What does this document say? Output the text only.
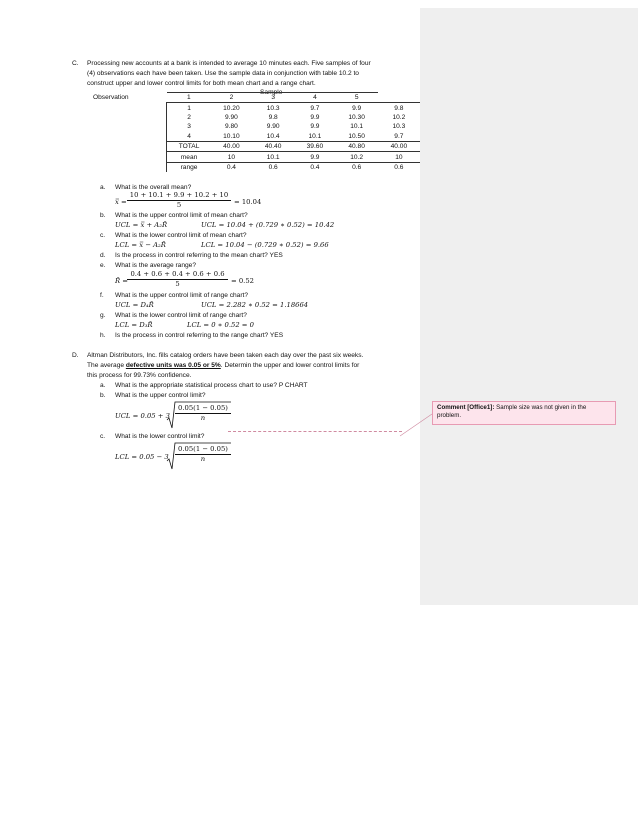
C. Processing new accounts at a bank is intended to average 10 minutes each. Five samples of four
(4) observations each have been taken. Use the sample data in conjunction with table 10.2 to
construct upper and lower control limits for both mean chart and a range chart.
Sample
Observation	1	2	3	4	5	
	1	10.20	10.3	9.7	9.9	9.8
	2	9.90	9.8	9.9	10.30	10.2
	3	9.80	9.90	9.9	10.1	10.3
	4	10.10	10.4	10.1	10.50	9.7
	TOTAL	40.00	40.40	39.60	40.80	40.00
	mean	10	10.1	9.9	10.2	10
	range	0.4	0.6	0.4	0.6	0.6
a. What is the overall mean?
x̿ = $\frac{10 + 10.1 + 9.9 + 10.2 + 10}{5} = 10.04$
b. What is the upper control limit of mean chart?
UCL = x̿ + A₂R̄	UCL = 10.04 + (0.729 ∗ 0.52) = 10.42
c. What is the lower control limit of mean chart?
LCL = x̿ − A₂R̄	LCL = 10.04 − (0.729 ∗ 0.52) = 9.66
d. Is the process in control referring to the mean chart? YES
e. What is the average range?
R̄ = $\frac{0.4 + 0.6 + 0.4 + 0.6 + 0.6}{5} = 0.52$
f. What is the upper control limit of range chart?
UCL = D₄R̄	UCL = 2.282 ∗ 0.52 = 1.18664
g. What is the lower control limit of range chart?
LCL = D₃R̄	LCL = 0 ∗ 0.52 = 0
h. Is the process in control referring to the range chart? YES
D. Altman Distributors, Inc. fills catalog orders have been taken each day over the past six weeks.
The average defective units was 0.05 or 5%. Determin the upper and lower control limits for
this process for 99.73% confidence.
a. What is the appropriate statistical process chart to use? P CHART
b. What is the upper control limit?
UCL = $0.05 + 3 \frac{0.05(1 - 0.05)}{n}$
c. What is the lower control limit?
LCL = $0.05 - 3 \frac{0.05(1 - 0.05)}{n}$
Comment [Office1]: Sample size was not given in the
problem.
